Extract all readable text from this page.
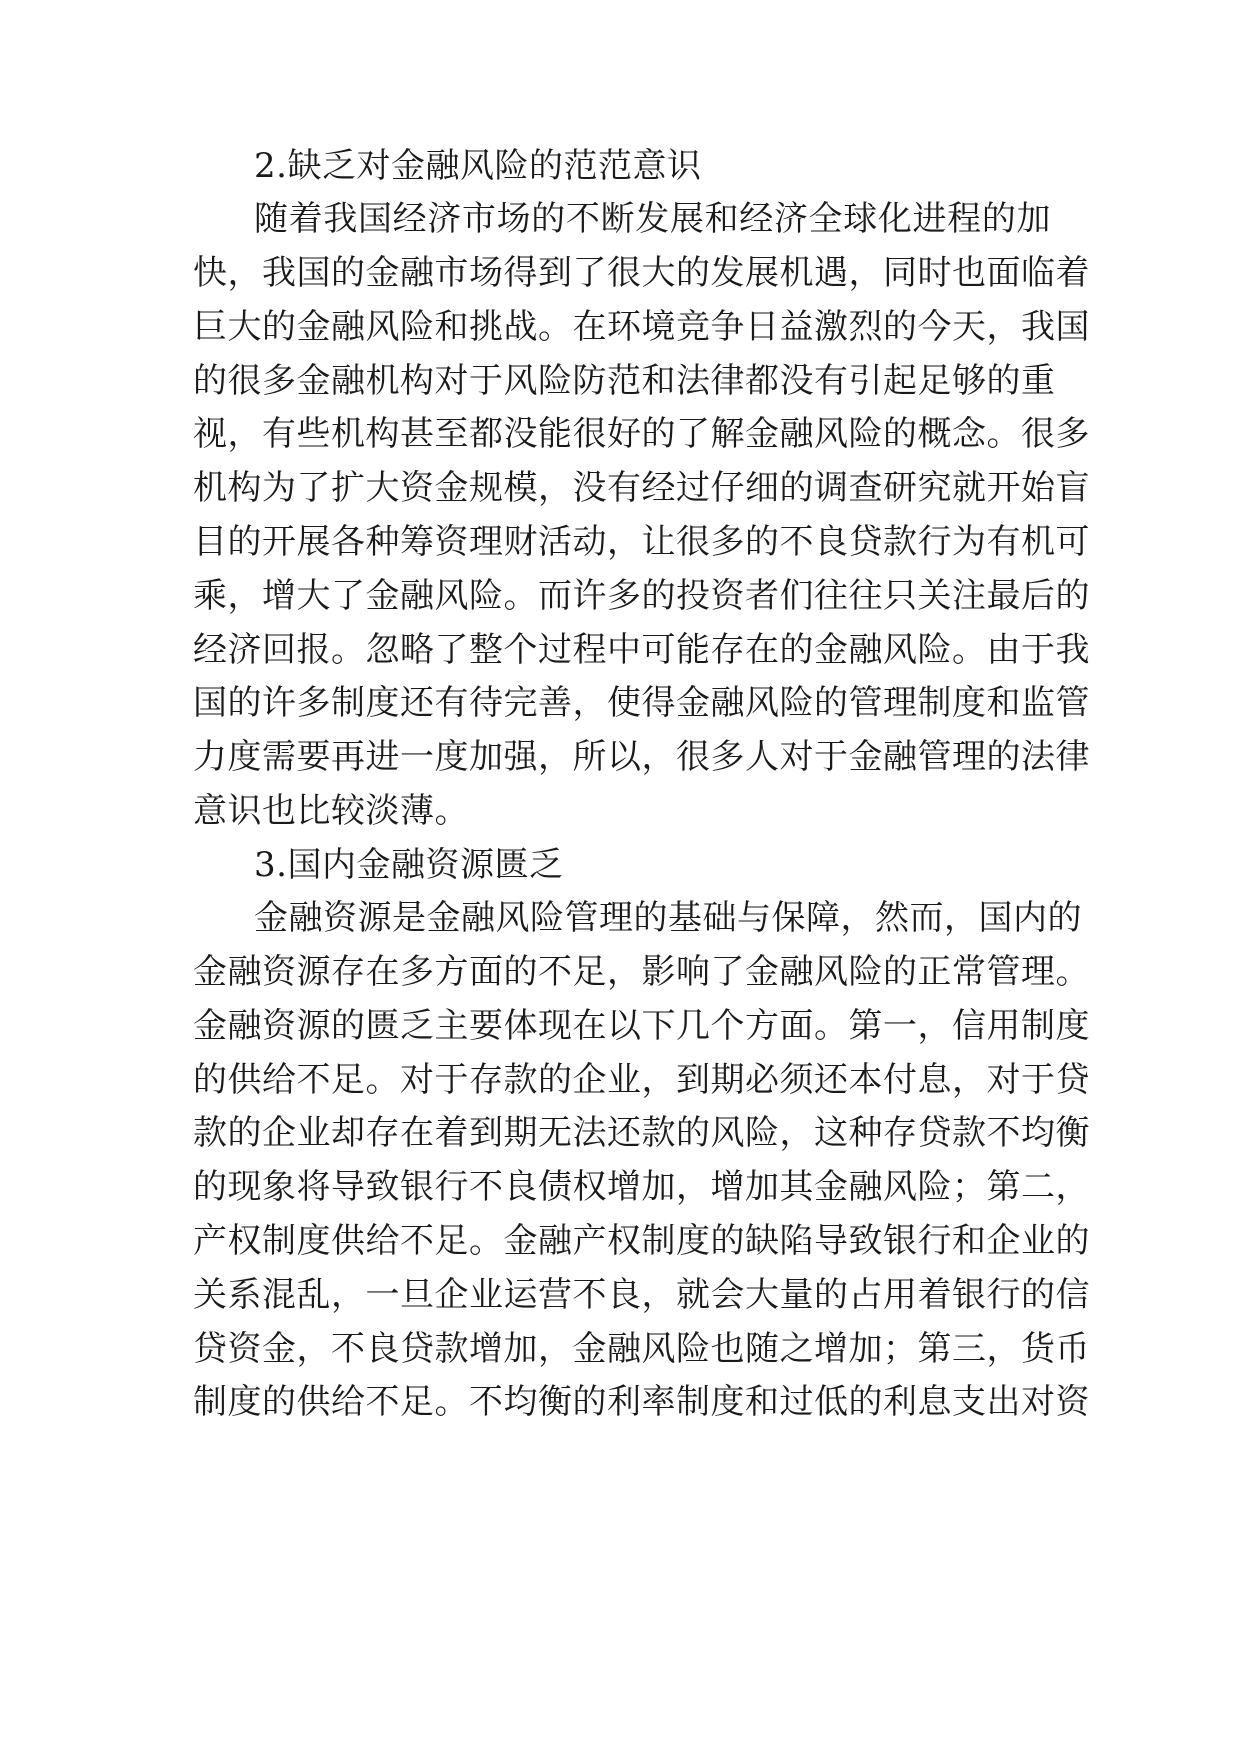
2.缺乏对金融风险的范范意识
随着我国经济市场的不断发展和经济全球化进程的加
快，我国的金融市场得到了很大的发展机遇，同时也面临着
巨大的金融风险和挑战。在环境竞争日益激烈的今天，我国
的很多金融机构对于风险防范和法律都没有引起足够的重
视，有些机构甚至都没能很好的了解金融风险的概念。很多
机构为了扩大资金规模，没有经过仔细的调查研究就开始盲
目的开展各种筹资理财活动，让很多的不良贷款行为有机可
乘，增大了金融风险。而许多的投资者们往往只关注最后的
经济回报。忽略了整个过程中可能存在的金融风险。由于我
国的许多制度还有待完善，使得金融风险的管理制度和监管
力度需要再进一度加强，所以，很多人对于金融管理的法律
意识也比较淡薄。
3.国内金融资源匮乏
金融资源是金融风险管理的基础与保障，然而，国内的
金融资源存在多方面的不足，影响了金融风险的正常管理。
金融资源的匮乏主要体现在以下几个方面。第一，信用制度
的供给不足。对于存款的企业，到期必须还本付息，对于贷
款的企业却存在着到期无法还款的风险，这种存贷款不均衡
的现象将导致银行不良债权增加，增加其金融风险；第二，
产权制度供给不足。金融产权制度的缺陷导致银行和企业的
关系混乱，一旦企业运营不良，就会大量的占用着银行的信
贷资金，不良贷款增加，金融风险也随之增加；第三，货币
制度的供给不足。不均衡的利率制度和过低的利息支出对资
